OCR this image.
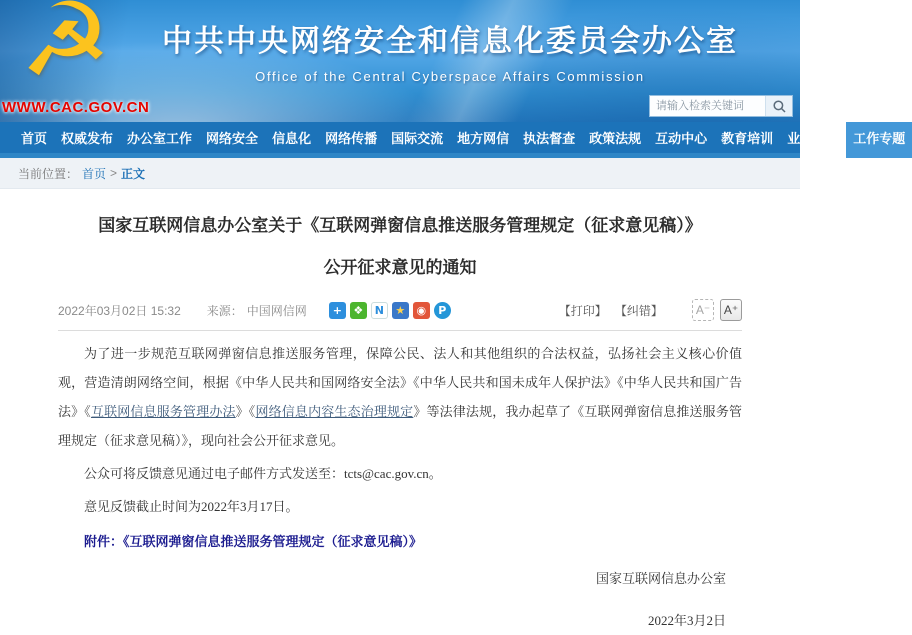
☭	中共中央网络安全和信息化委员会办公室

Office of the Central Cyberspace Affairs Commission

WWW.CAC.GOV.CN
请输入检索关键词
首页	权威发布	办公室工作	网络安全	信息化	网络传播	国际交流	地方网信	执法督查	政策法规	互动中心	教育培训	业界动态	工作专题
当前位置： 首页 > 正文
国家互联网信息办公室关于《互联网弹窗信息推送服务管理规定（征求意见稿）》
公开征求意见的通知
2022年03月02日 15:32 来源： 中国网信网	+	❖	N	★	◉	P	【打印】 【纠错】	A⁻	A⁺

为了进一步规范互联网弹窗信息推送服务管理，保障公民、法人和其他组织的合法权益，弘扬社会主义核心价值观，营造清朗网络空间，根据《中华人民共和国网络安全法》《中华人民共和国未成年人保护法》《中华人民共和国广告法》《互联网信息服务管理办法》《网络信息内容生态治理规定》等法律法规，我办起草了《互联网弹窗信息推送服务管理规定（征求意见稿）》，现向社会公开征求意见。

公众可将反馈意见通过电子邮件方式发送至：tcts@cac.gov.cn。

意见反馈截止时间为2022年3月17日。

附件：《互联网弹窗信息推送服务管理规定（征求意见稿）》

国家互联网信息办公室

2022年3月2日
